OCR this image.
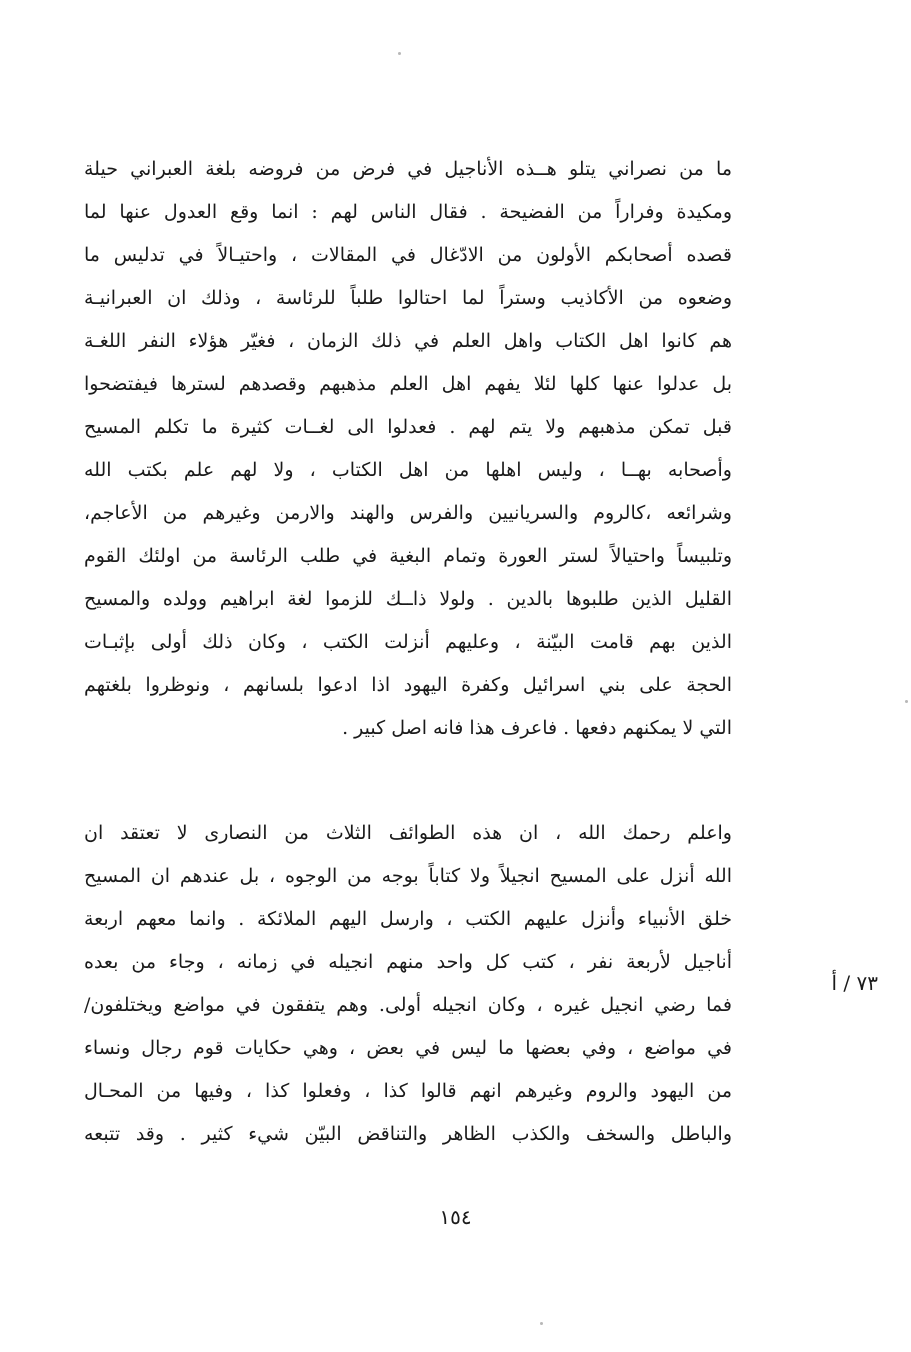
ما من نصراني يتلو هــذه الأناجيل في فرض من فروضه بلغة العبراني حيلة
ومكيدة وفراراً من الفضيحة . فقال الناس لهم : انما وقع العدول عنها لما
قصده أصحابكم الأولون من الادّغال في المقالات ، واحتيـالاً في تدليس ما
وضعوه من الأكاذيب وستراً لما احتالوا طلباً للرئاسة ، وذلك ان العبرانيـة
هم كانوا اهل الكتاب واهل العلم في ذلك الزمان ، فغيّر هؤلاء النفر اللغـة
بل عدلوا عنها كلها لئلا يفهم اهل العلم مذهبهم وقصدهم لسترها فيفتضحوا
قبل تمكن مذهبهم ولا يتم لهم . فعدلوا الى لغــات كثيرة ما تكلم المسيح
وأصحابه بهــا ، وليس اهلها من اهل الكتاب ، ولا لهم علم بكتب الله
وشرائعه ،كالروم والسريانيين والفرس والهند والارمن وغيرهم من الأعاجم،
وتلبيساً واحتيالاً لستر العورة وتمام البغية في طلب الرئاسة من اولئك القوم
القليل الذين طلبوها بالدين . ولولا ذاــك للزموا لغة ابراهيم وولده والمسيح
الذين بهم قامت البيّنة ، وعليهم أنزلت الكتب ، وكان ذلك أولى بإثبـات
الحجة على بني اسرائيل وكفرة اليهود اذا ادعوا بلسانهم ، ونوظروا بلغتهم
التي لا يمكنهم دفعها . فاعرف هذا فانه اصل كبير .
واعلم رحمك الله ، ان هذه الطوائف الثلاث من النصارى لا تعتقد ان
الله أنزل على المسيح انجيلاً ولا كتاباً بوجه من الوجوه ، بل عندهم ان المسيح
خلق الأنبياء وأنزل عليهم الكتب ، وارسل اليهم الملائكة . وانما معهم اربعة
أناجيل لأربعة نفر ، كتب كل واحد منهم انجيله في زمانه ، وجاء من بعده
فما رضي انجيل غيره ، وكان انجيله أولى. وهم يتفقون في مواضع ويختلفون/
في مواضع ، وفي بعضها ما ليس في بعض ، وهي حكايات قوم رجال ونساء
من اليهود والروم وغيرهم انهم قالوا كذا ، وفعلوا كذا ، وفيها من المحـال
والباطل والسخف والكذب الظاهر والتناقض البيّن شيء كثير . وقد تتبعه
٧٣ / أ
١٥٤
